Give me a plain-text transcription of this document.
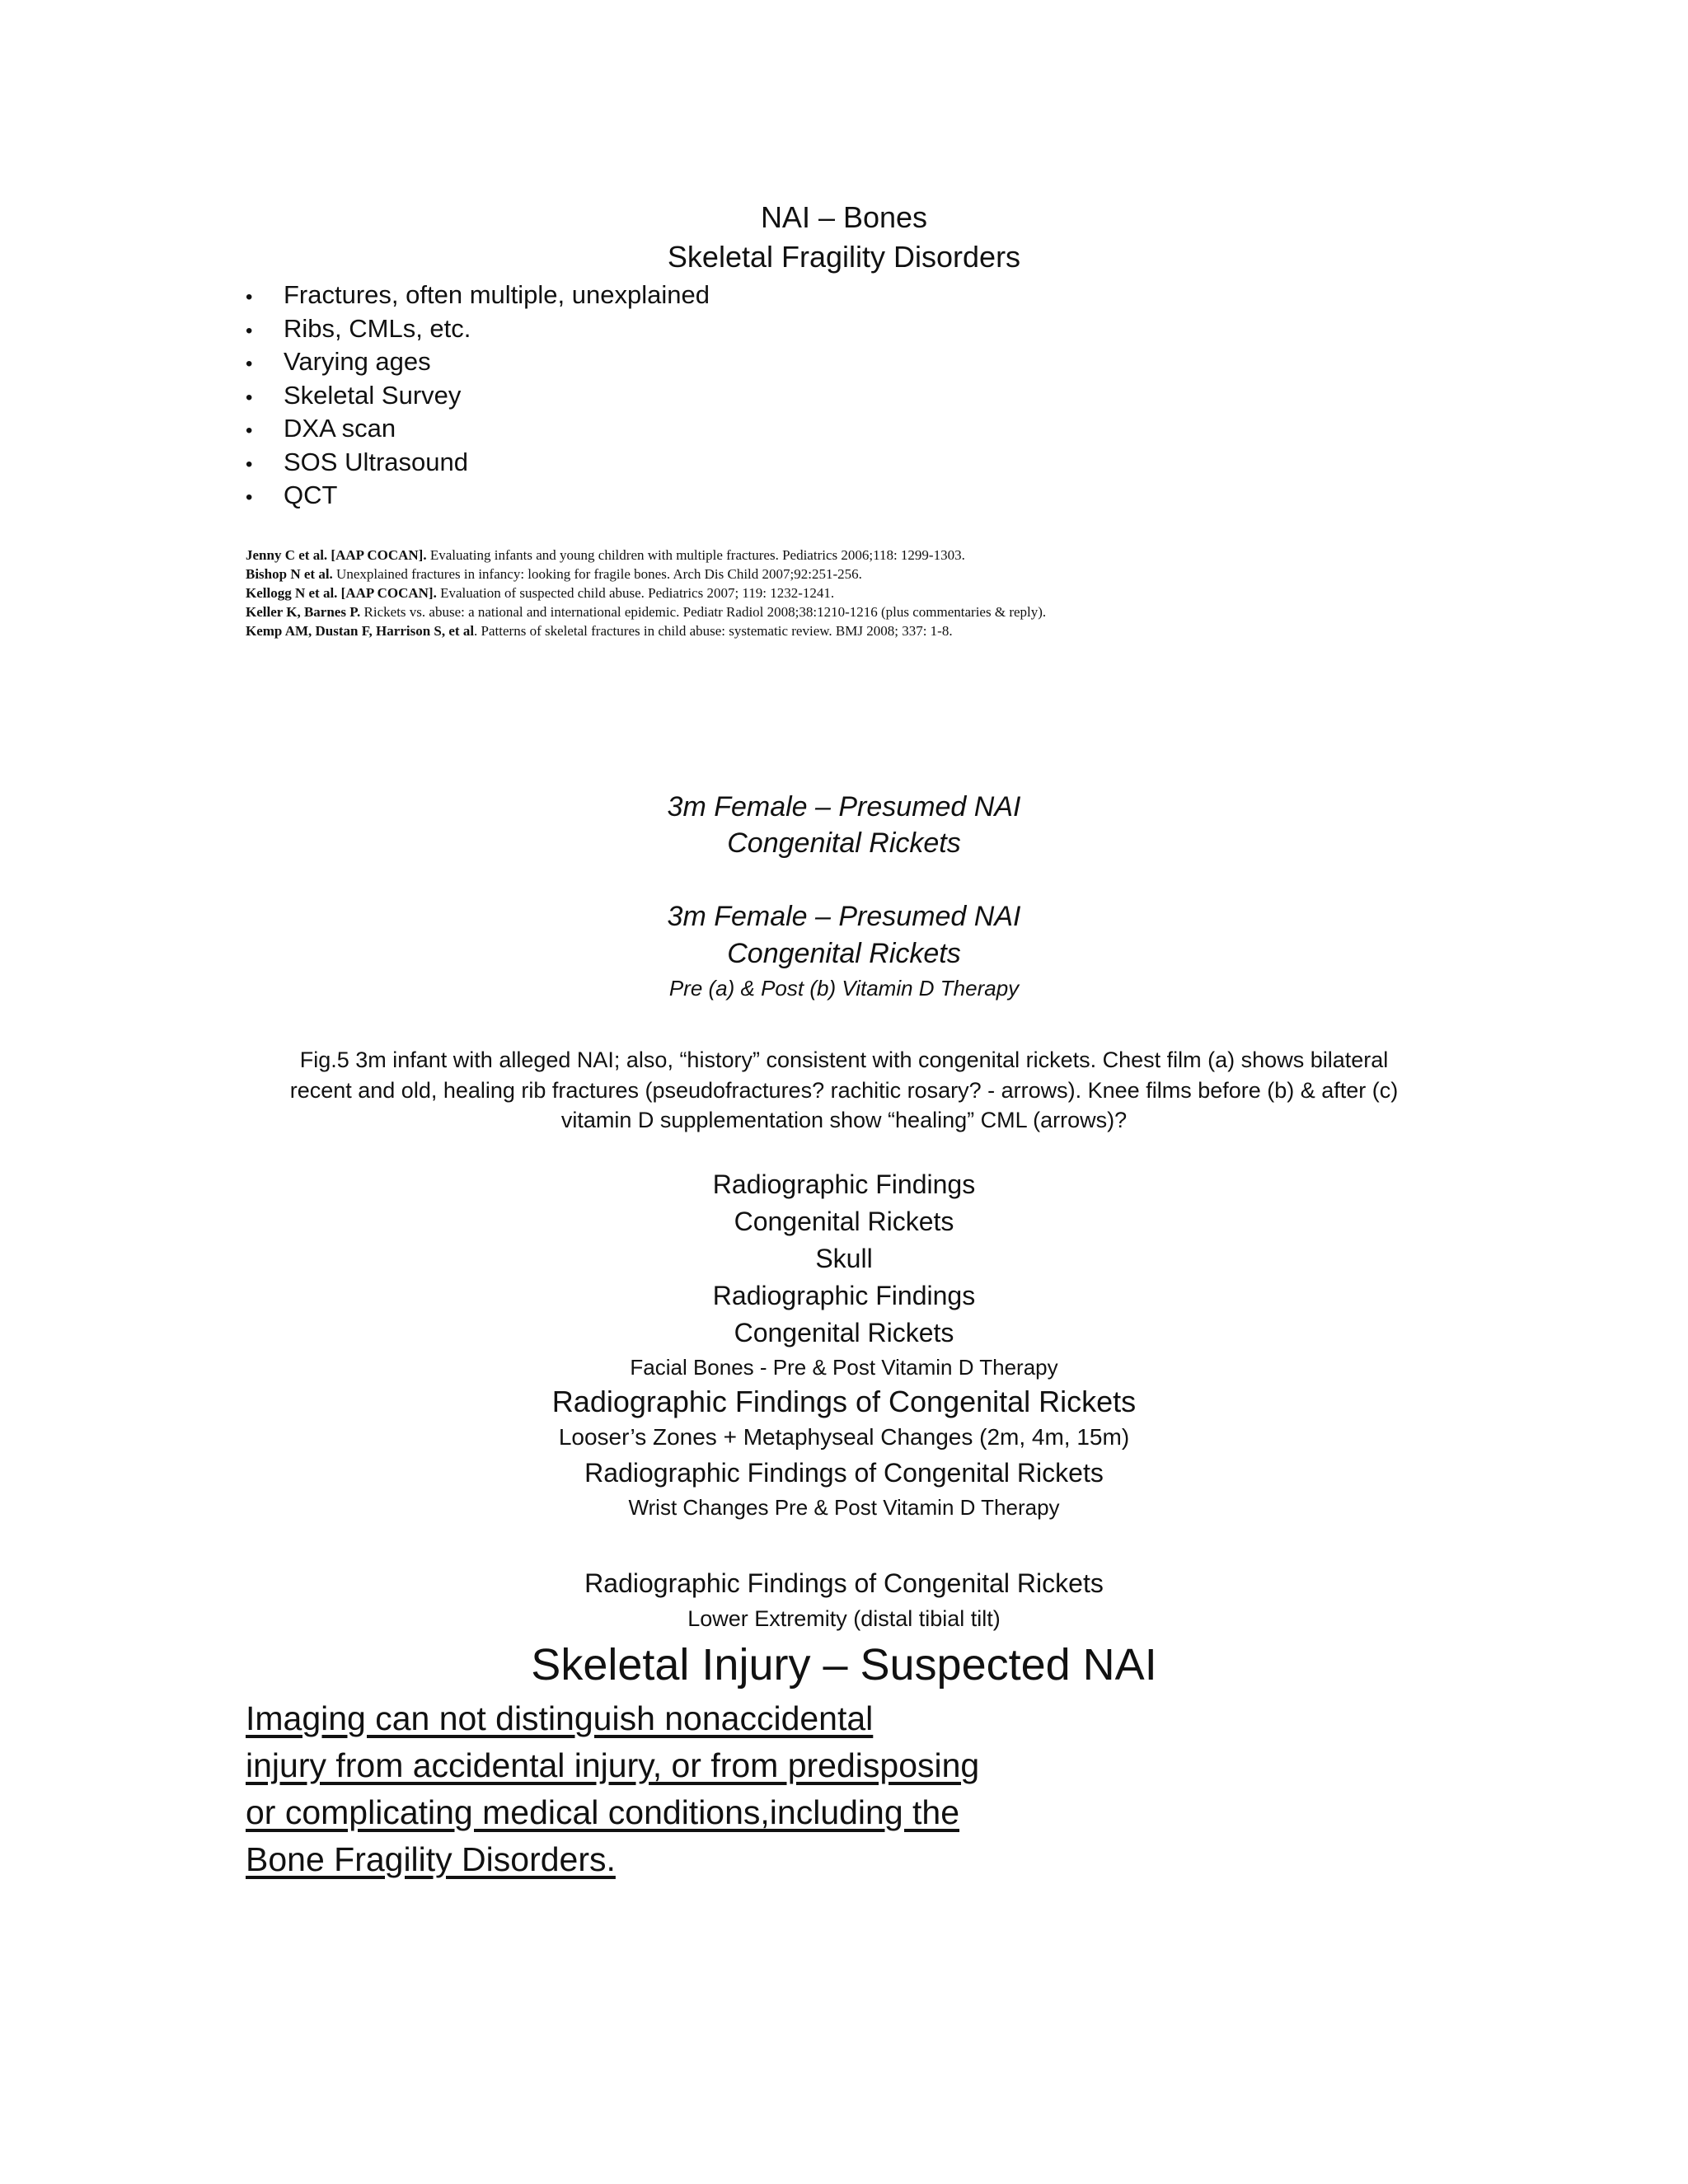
NAI – Bones
Skeletal Fragility Disorders
• Fractures, often multiple, unexplained
• Ribs, CMLs, etc.
• Varying ages
• Skeletal Survey
• DXA scan
• SOS Ultrasound
• QCT
Jenny C et al. [AAP COCAN]. Evaluating infants and young children with multiple fractures. Pediatrics 2006;118: 1299-1303.
Bishop N et al. Unexplained fractures in infancy: looking for fragile bones. Arch Dis Child 2007;92:251-256.
Kellogg N et al. [AAP COCAN]. Evaluation of suspected child abuse. Pediatrics 2007; 119: 1232-1241.
Keller K, Barnes P. Rickets vs. abuse: a national and international epidemic. Pediatr Radiol 2008;38:1210-1216 (plus commentaries & reply).
Kemp AM, Dustan F, Harrison S, et al. Patterns of skeletal fractures in child abuse: systematic review. BMJ 2008; 337: 1-8.
3m Female – Presumed NAI
Congenital Rickets
3m Female – Presumed NAI
Congenital Rickets
Pre (a) & Post (b) Vitamin D Therapy
Fig.5 3m infant with alleged NAI; also, “history” consistent with congenital rickets. Chest film (a) shows bilateral
recent and old, healing rib fractures (pseudofractures? rachitic rosary? - arrows). Knee films before (b) & after (c)
vitamin D supplementation show “healing” CML (arrows)?
Radiographic Findings
Congenital Rickets
Skull
Radiographic Findings
Congenital Rickets
Facial Bones - Pre & Post Vitamin D Therapy
Radiographic Findings of Congenital Rickets
Looser’s Zones + Metaphyseal Changes (2m, 4m, 15m)
Radiographic Findings of Congenital Rickets
Wrist Changes Pre & Post Vitamin D Therapy
Radiographic Findings of Congenital Rickets
Lower Extremity (distal tibial tilt)
Skeletal Injury – Suspected NAI
Imaging can not distinguish nonaccidental
injury from accidental injury, or from predisposing
or complicating medical conditions,including the
Bone Fragility Disorders.
